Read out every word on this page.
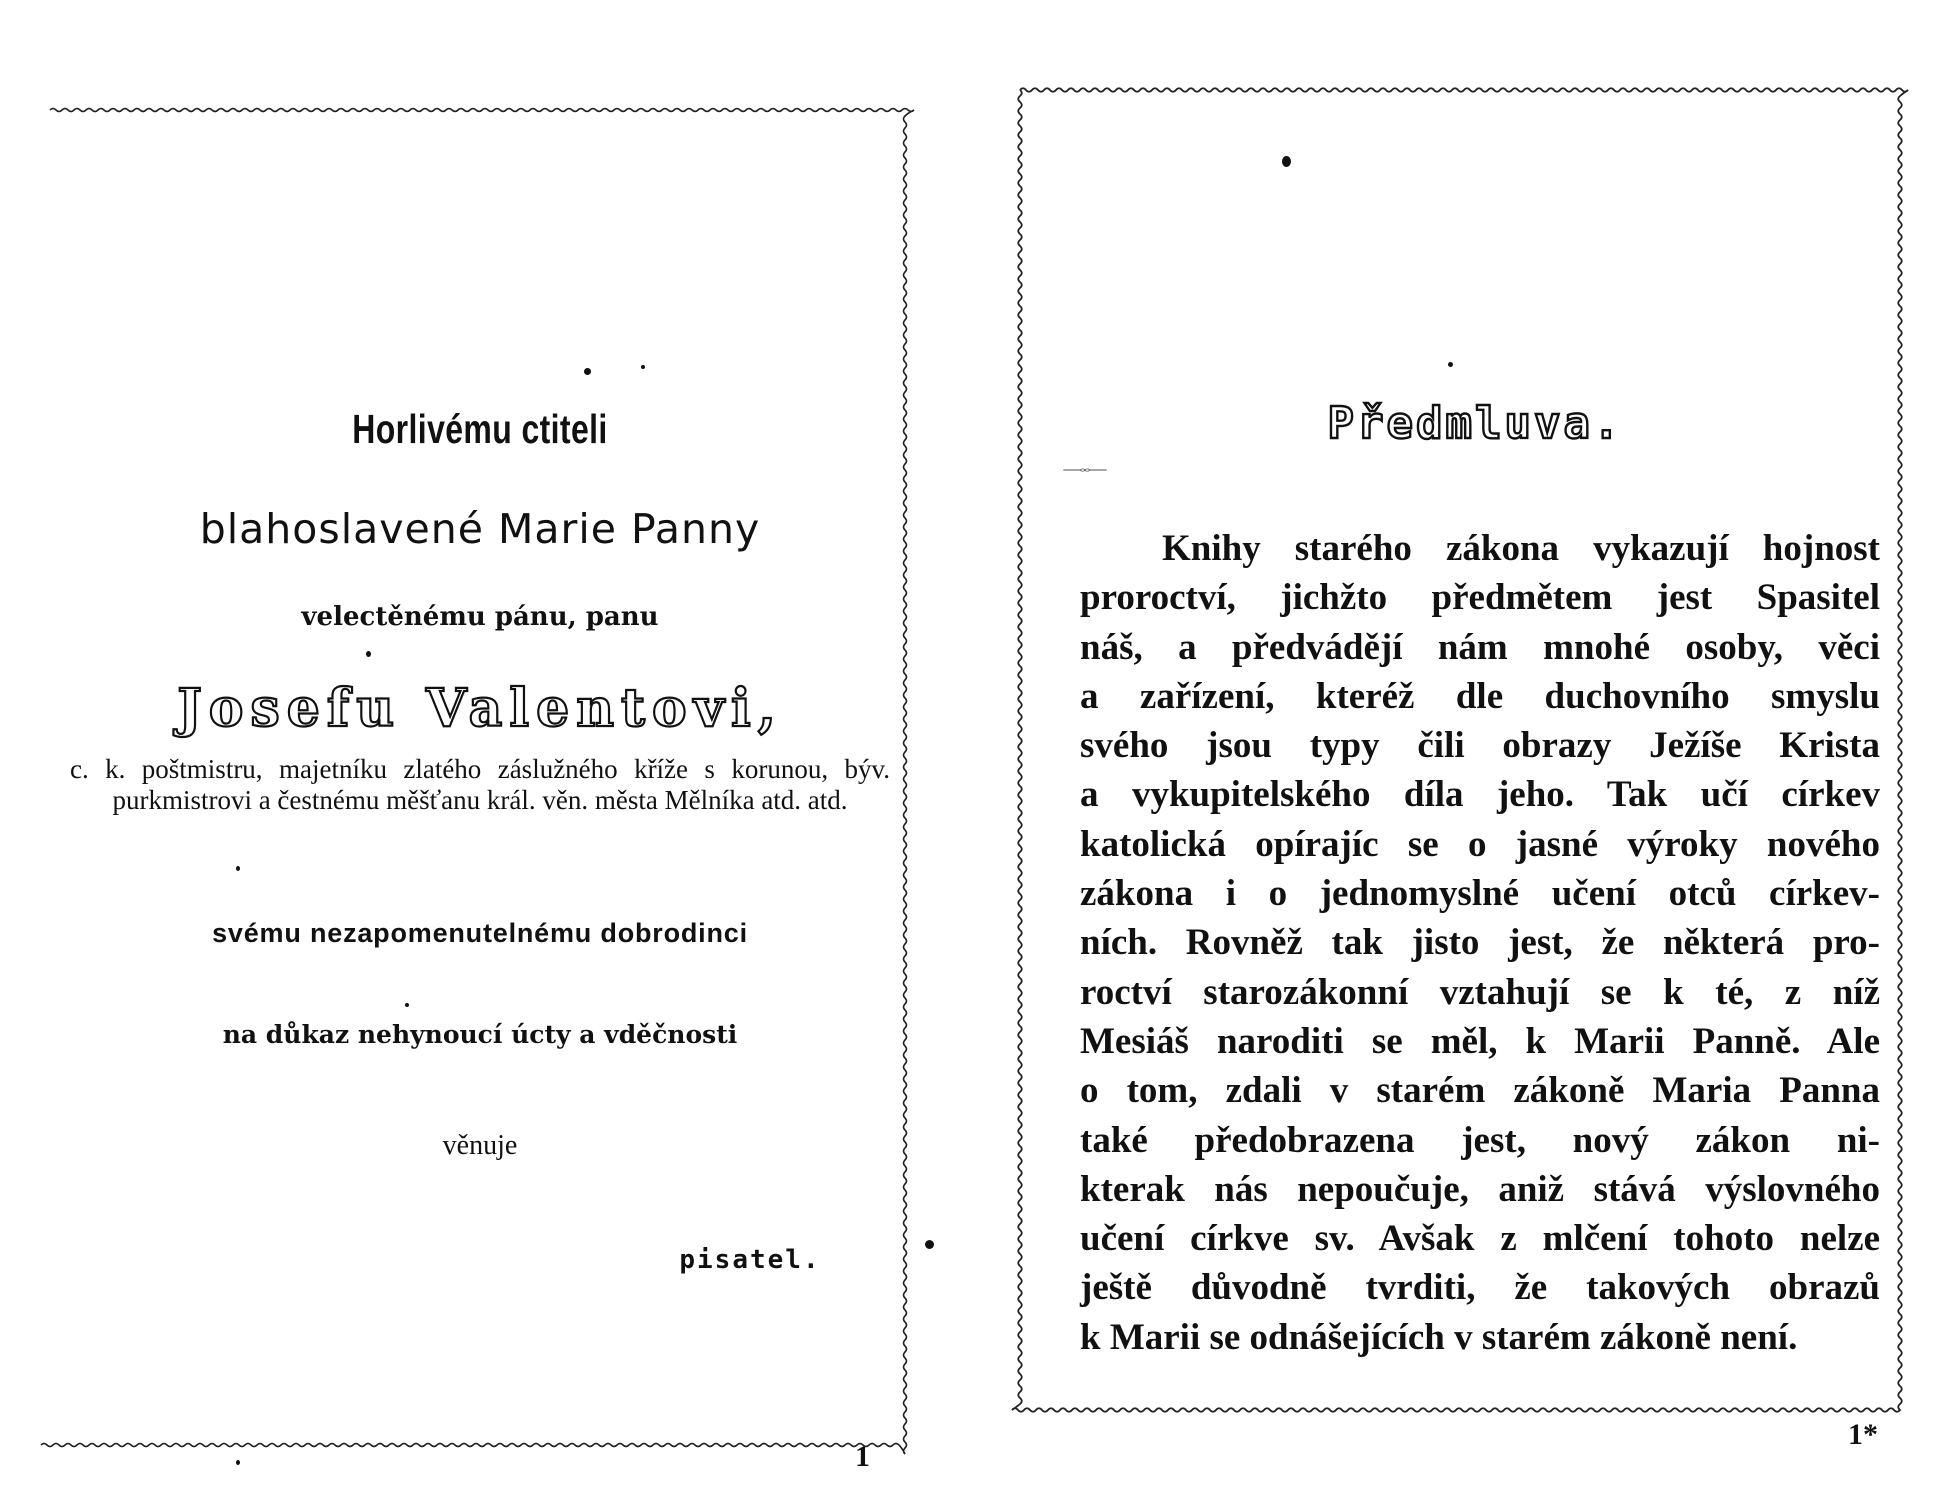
Horlivému ctiteli
blahoslavené Marie Panny
velectěnému pánu, panu
Josefu Valentovi,
c. k. poštmistru, majetníku zlatého záslužného kříže s korunou, býv. purkmistrovi a čestnému měšťanu král. věn. města Mělníka atd. atd.
svému nezapomenutelnému dobrodinci
na důkaz nehynoucí úcty a vděčnosti
věnuje
pisatel.
1
Předmluva.
Knihy starého zákona vykazují hojnost
proroctví, jichžto předmětem jest Spasitel
náš, a předvádějí nám mnohé osoby, věci
a zařízení, kteréž dle duchovního smyslu
svého jsou typy čili obrazy Ježíše Krista
a vykupitelského díla jeho. Tak učí církev
katolická opírajíc se o jasné výroky nového
zákona i o jednomyslné učení otců církev-
ních. Rovněž tak jisto jest, že některá pro-
roctví starozákonní vztahují se k té, z níž
Mesiáš naroditi se měl, k Marii Panně. Ale
o tom, zdali v starém zákoně Maria Panna
také předobrazena jest, nový zákon ni-
kterak nás nepoučuje, aniž stává výslovného
učení církve sv. Avšak z mlčení tohoto nelze
ještě důvodně tvrditi, že takových obrazů
k Marii se odnášejících v starém zákoně není.
1*
